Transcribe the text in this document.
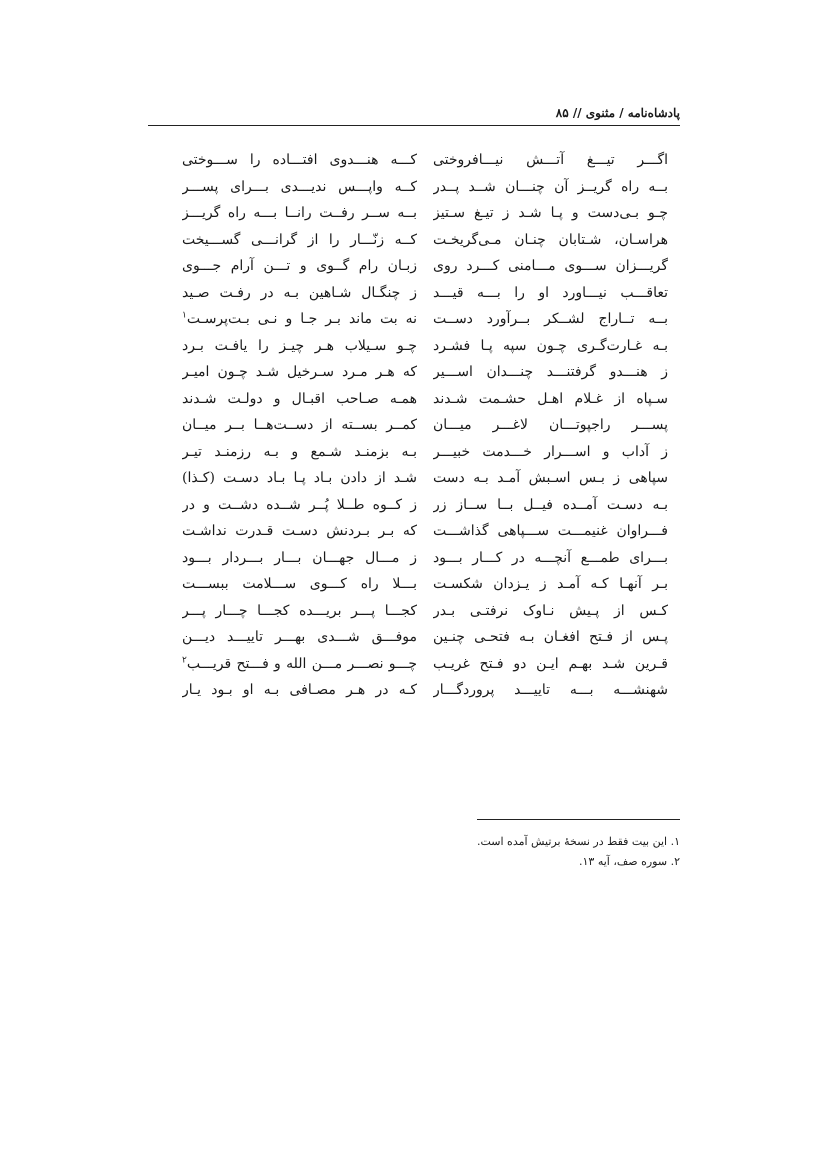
پادشاه‌نامه / مثنوی // ۸۵
اگـــر تیـــغ آتـــش نیـــافروختی
بــه راه گریــز آن چنـــان شــد پــدر
چـو بـی‌دست و پـا شـد ز تیـغ سـتیز
هراسـان، شـتابان چنـان مـی‌گریخـت
گریـــزان ســـوی مـــامنی کـــرد روی
تعاقـــب نیـــاورد او را بـــه قیـــد
بــه تــاراج لشــکر بــرآورد دســت
بـه غـارت‌گـری چـون سپه پـا فشـرد
ز هنـــدو گرفتنـــد چنـــدان اســـیر
سـپاه از غـلام اهـل حشـمت شـدند
پســـر راجپوتـــان لاغـــر میـــان
ز آداب و اســـرار خـــدمت خبیـــر
سپاهی ز بـس اسـبش آمـد بـه دست
بـه دسـت آمــده فیــل بــا ســاز زر
فـــراوان غنیمـــت ســـپاهی گذاشـــت
بـــرای طمـــع آنچـــه در کـــار بـــود
بـر آنهـا کـه آمـد ز یـزدان شکسـت
کـس از پـیش نـاوک نرفتـی بـدر
پـس از فـتح افغـان بـه فتحـی چنـین
قـرین شـد بهـم ایـن دو فـتح غریـب
شهنشـــه بـــه تاییـــد پروردگـــار
کـــه هنـــدوی افتـــاده را ســـوختی
کــه واپـــس ندیـــدی بـــرای پســـر
بــه ســر رفــت رانــا بـــه راه گریـــز
کــه زنّـــار را از گرانـــی گســـیخت
زبـان رام گــوی و تـــن آرام جـــوی
ز چنگـال شـاهین بـه در رفـت صـید
نه بت ماند بـر جـا و نـی بـت‌پرسـت$^۱$
چـو سـیلاب هـر چیـز را یافـت بـرد
که هـر مـرد سـرخیل شـد چـون امیـر
همـه صـاحب اقبـال و دولـت شـدند
کمــر بســته از دســت‌هــا بــر میــان
بـه بزمنـد شـمع و بـه رزمنـد تیـر
شـد از دادن بـاد پـا بـاد دسـت (کـذا)
ز کــوه طــلا پُــر شــده دشــت و در
که بـر بـردنش دسـت قـدرت نداشـت
ز مـــال جهـــان بـــار بـــردار بـــود
بـــلا راه کـــوی ســـلامت ببســـت
کجـــا پـــر بریـــده کجـــا چـــار پـــر
موفـــق شـــدی بهـــر تاییـــد دیـــن
چـــو نصـــر مـــن الله و فـــتح قریـــب$^۲$
کـه در هـر مصـافی بـه او بـود یـار
۱. این بیت فقط در نسخهٔ برتیش آمده است.
۲. سوره صف، آیه ۱۳.
